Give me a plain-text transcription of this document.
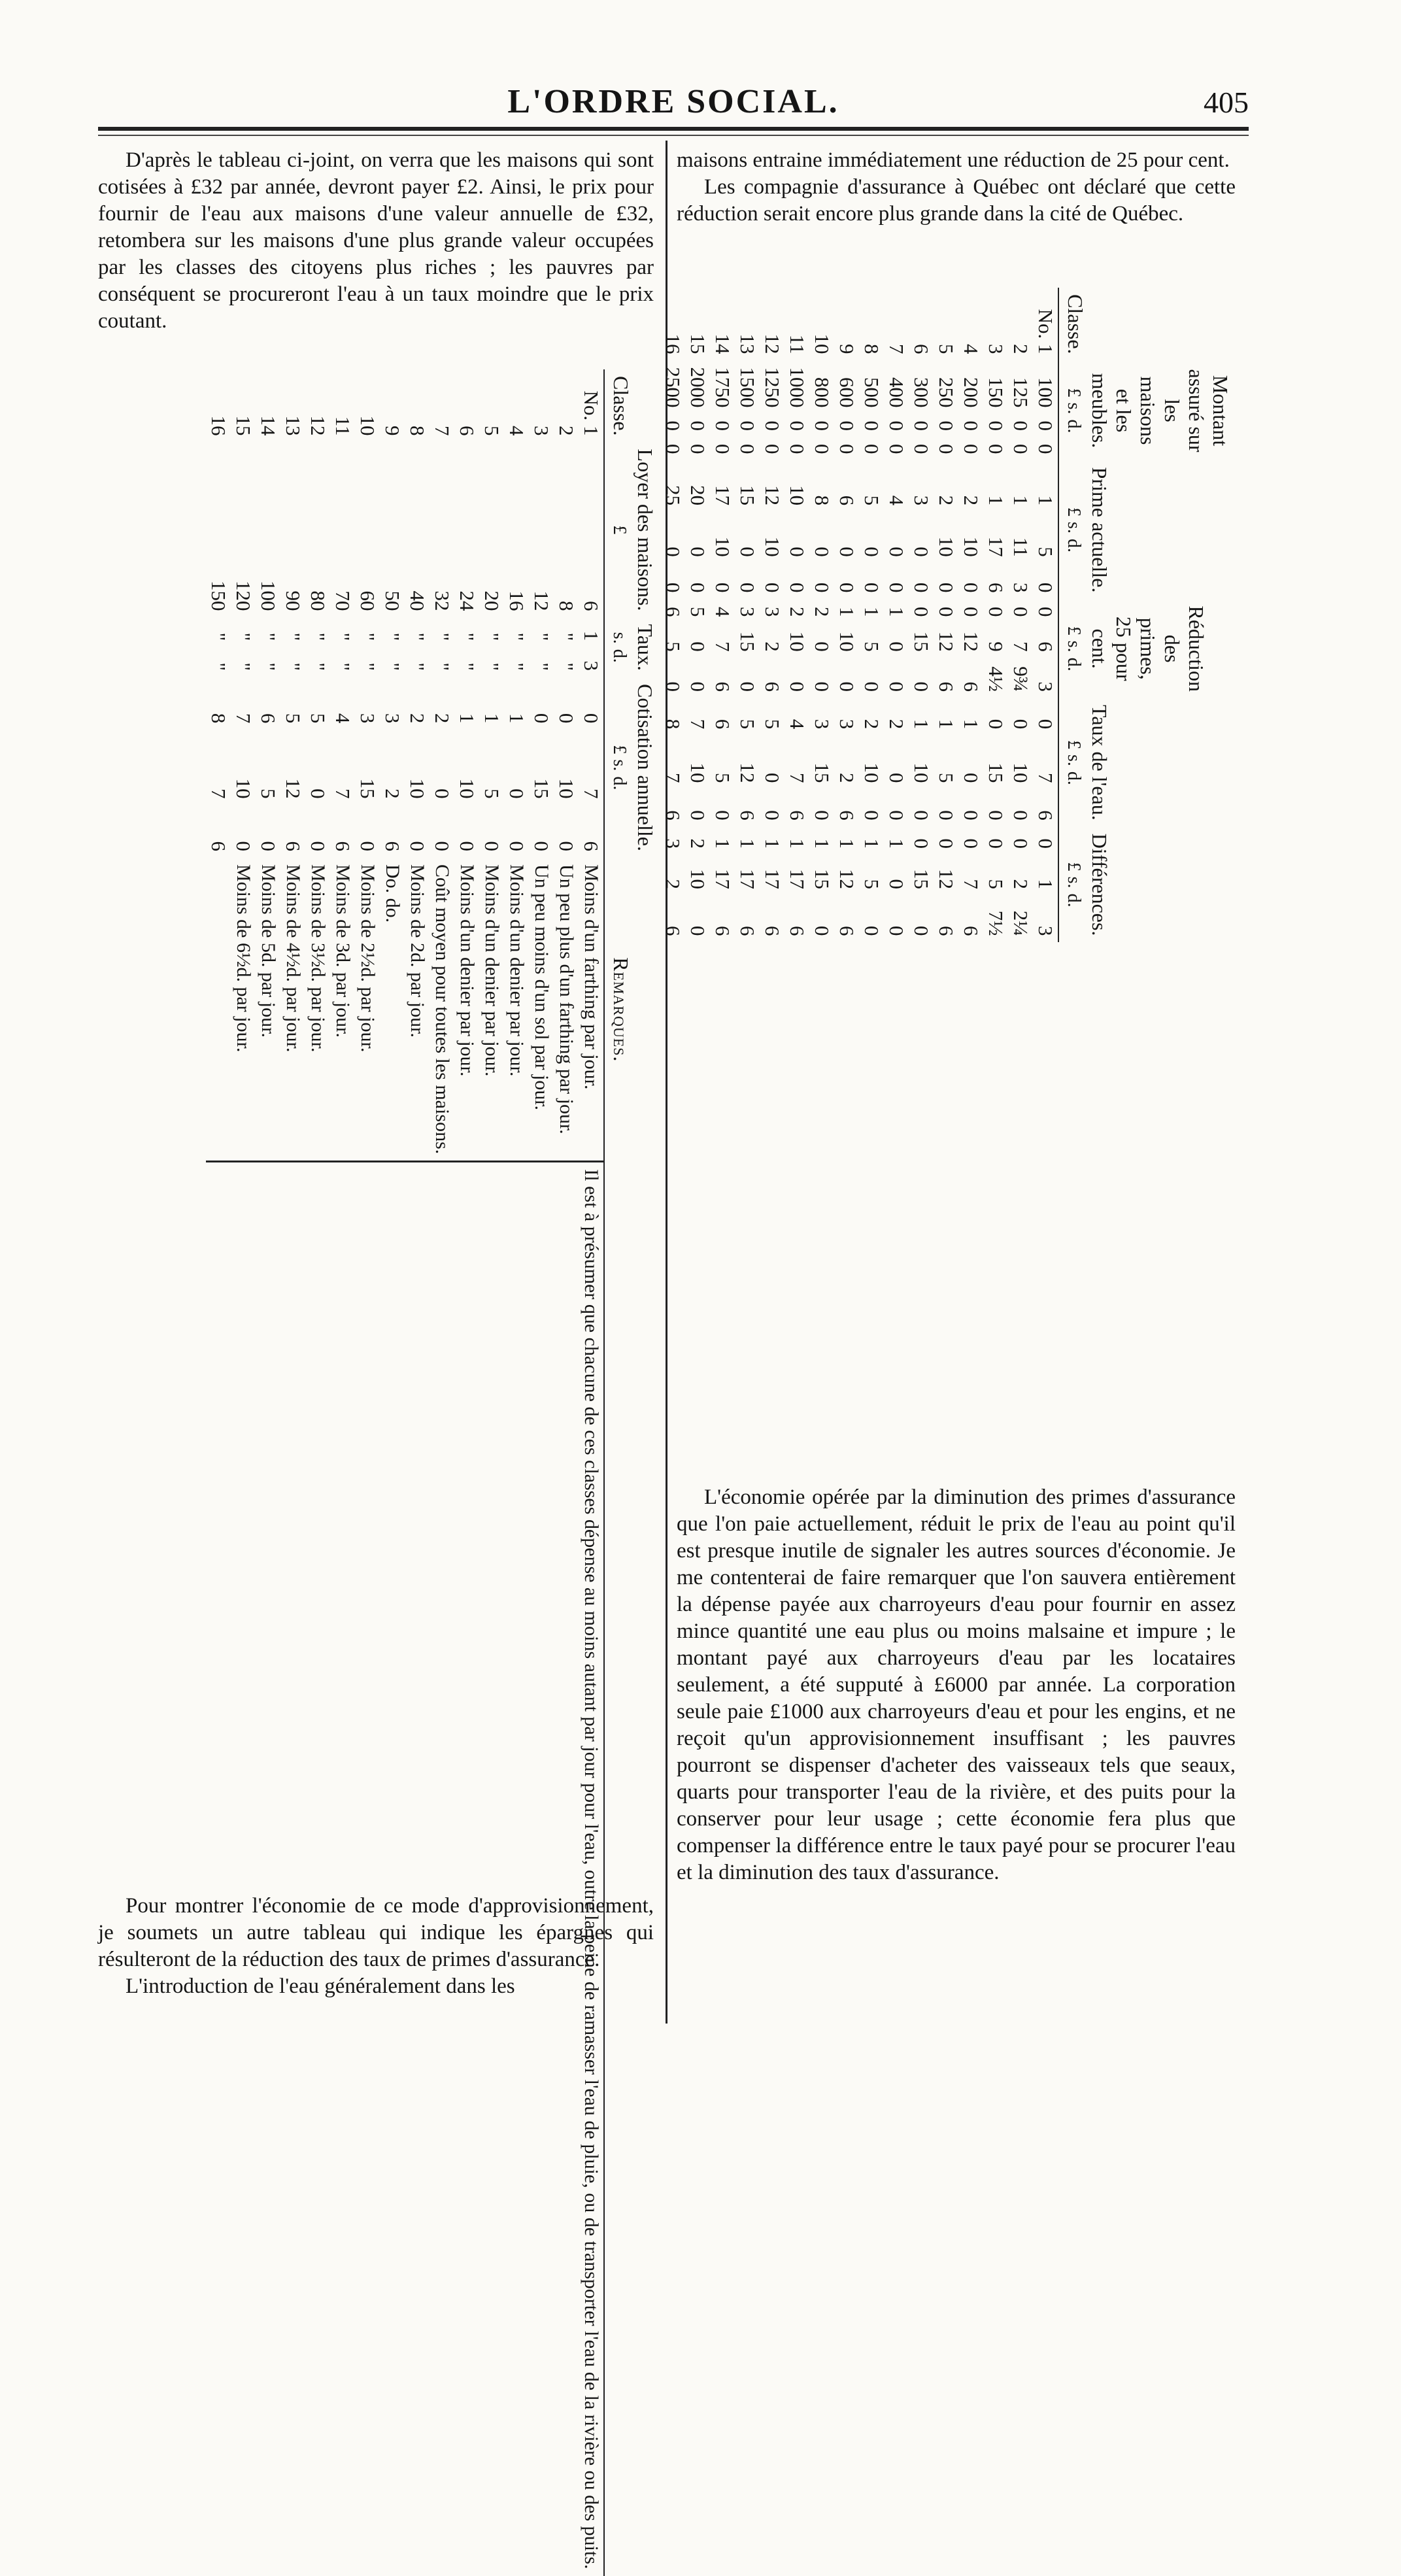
L'ORDRE SOCIAL.	405

D'après le tableau ci-joint, on verra que les maisons qui sont cotisées à £32 par année, devront payer £2. Ainsi, le prix pour fournir de l'eau aux maisons d'une valeur annuelle de £32, retombera sur les maisons d'une plus grande valeur occupées par les classes des citoyens plus riches ; les pauvres par conséquent se procureront l'eau à un taux moindre que le prix coutant.

Pour montrer l'économie de ce mode d'approvisionnement, je soumets un autre tableau qui indique les épargnes qui résulteront de la réduction des taux de primes d'assurance.

L'introduction de l'eau généralement dans les

maisons entraine immédiatement une réduction de 25 pour cent.

Les compagnie d'assurance à Québec ont déclaré que cette réduction serait encore plus grande dans la cité de Québec.

L'économie opérée par la diminution des primes d'assurance que l'on paie actuellement, réduit le prix de l'eau au point qu'il est presque inutile de signaler les autres sources d'économie. Je me contenterai de faire remarquer que l'on sauvera entièrement la dépense payée aux charroyeurs d'eau pour fournir en assez mince quantité une eau plus ou moins malsaine et impure ; le montant payé aux charroyeurs d'eau par les locataires seulement, a été supputé à £6000 par année. La corporation seule paie £1000 aux charroyeurs d'eau et pour les engins, et ne reçoit qu'un approvisionnement insuffisant ; les pauvres pourront se dispenser d'acheter des vaisseaux tels que seaux, quarts pour transporter l'eau de la rivière, et des puits pour la conserver pour leur usage ; cette économie fera plus que compenser la différence entre le taux payé pour se procurer l'eau et la diminution des taux d'assurance.

Classe.	Loyer des maisons.
£	Taux.
s. d.		Cotisation annuelle.
£ s. d.			Remarques.	
No. 1	6	1	3	0	7	6	Moins d'un farthing par jour.	Il est à présumer que chacune de ces classes dépense au moins autant par jour pour l'eau, outre la peine de ramasser l'eau de pluie, ou de transporter l'eau de la rivière ou des puits.
2	8	"	"	0	10	0	Un peu plus d'un farthing par jour.	
3	12	"	"	0	15	0	Un peu moins d'un sol par jour.	
4	16	"	"	1	0	0	Moins d'un denier par jour.	
5	20	"	"	1	5	0	Moins d'un denier par jour.	
6	24	"	"	1	10	0	Moins d'un denier par jour.	
7	32	"	"	2	0	0	Coût moyen pour toutes les maisons.	
8	40	"	"	2	10	0	Moins de 2d. par jour.	
9	50	"	"	3	2	6	Do. do.	
10	60	"	"	3	15	0	Moins de 2½d. par jour.	
11	70	"	"	4	7	6	Moins de 3d. par jour.	
12	80	"	"	5	0	0	Moins de 3½d. par jour.	
13	90	"	"	5	12	6	Moins de 4½d. par jour.	
14	100	"	"	6	5	0	Moins de 5d. par jour.	
15	120	"	"	7	10	0	Moins de 6½d. par jour.	
16	150	"	"	8	7	6		
Classe.	Montant assuré sur les maisons et les meubles.
£ s. d.			Prime actuelle.
£ s. d.			Réduction des primes, 25 pour cent.
£ s. d.			Taux de l'eau.
£ s. d.			Différences.
£ s. d.		
No. 1	100	0	0	1	5	0	0	6	3	0	7	6	0	1	3
2	125	0	0	1	11	3	0	7	9¾	0	10	0	0	2	2¼
3	150	0	0	1	17	6	0	9	4½	0	15	0	0	5	7½
4	200	0	0	2	10	0	0	12	6	1	0	0	0	7	6
5	250	0	0	2	10	0	0	12	6	1	5	0	0	12	6
6	300	0	0	3	0	0	0	15	0	1	10	0	0	15	0
7	400	0	0	4	0	0	1	0	0	2	0	0	1	0	0
8	500	0	0	5	0	0	1	5	0	2	10	0	1	5	0
9	600	0	0	6	0	0	1	10	0	3	2	6	1	12	6
10	800	0	0	8	0	0	2	0	0	3	15	0	1	15	0
11	1000	0	0	10	0	0	2	10	0	4	7	6	1	17	6
12	1250	0	0	12	10	0	3	2	6	5	0	0	1	17	6
13	1500	0	0	15	0	0	3	15	0	5	12	6	1	17	6
14	1750	0	0	17	10	0	4	7	6	6	5	0	1	17	6
15	2000	0	0	20	0	0	5	0	0	7	10	0	2	10	0
16	2500	0	0	25	0	0	6	5	0	8	7	6	3	2	6
